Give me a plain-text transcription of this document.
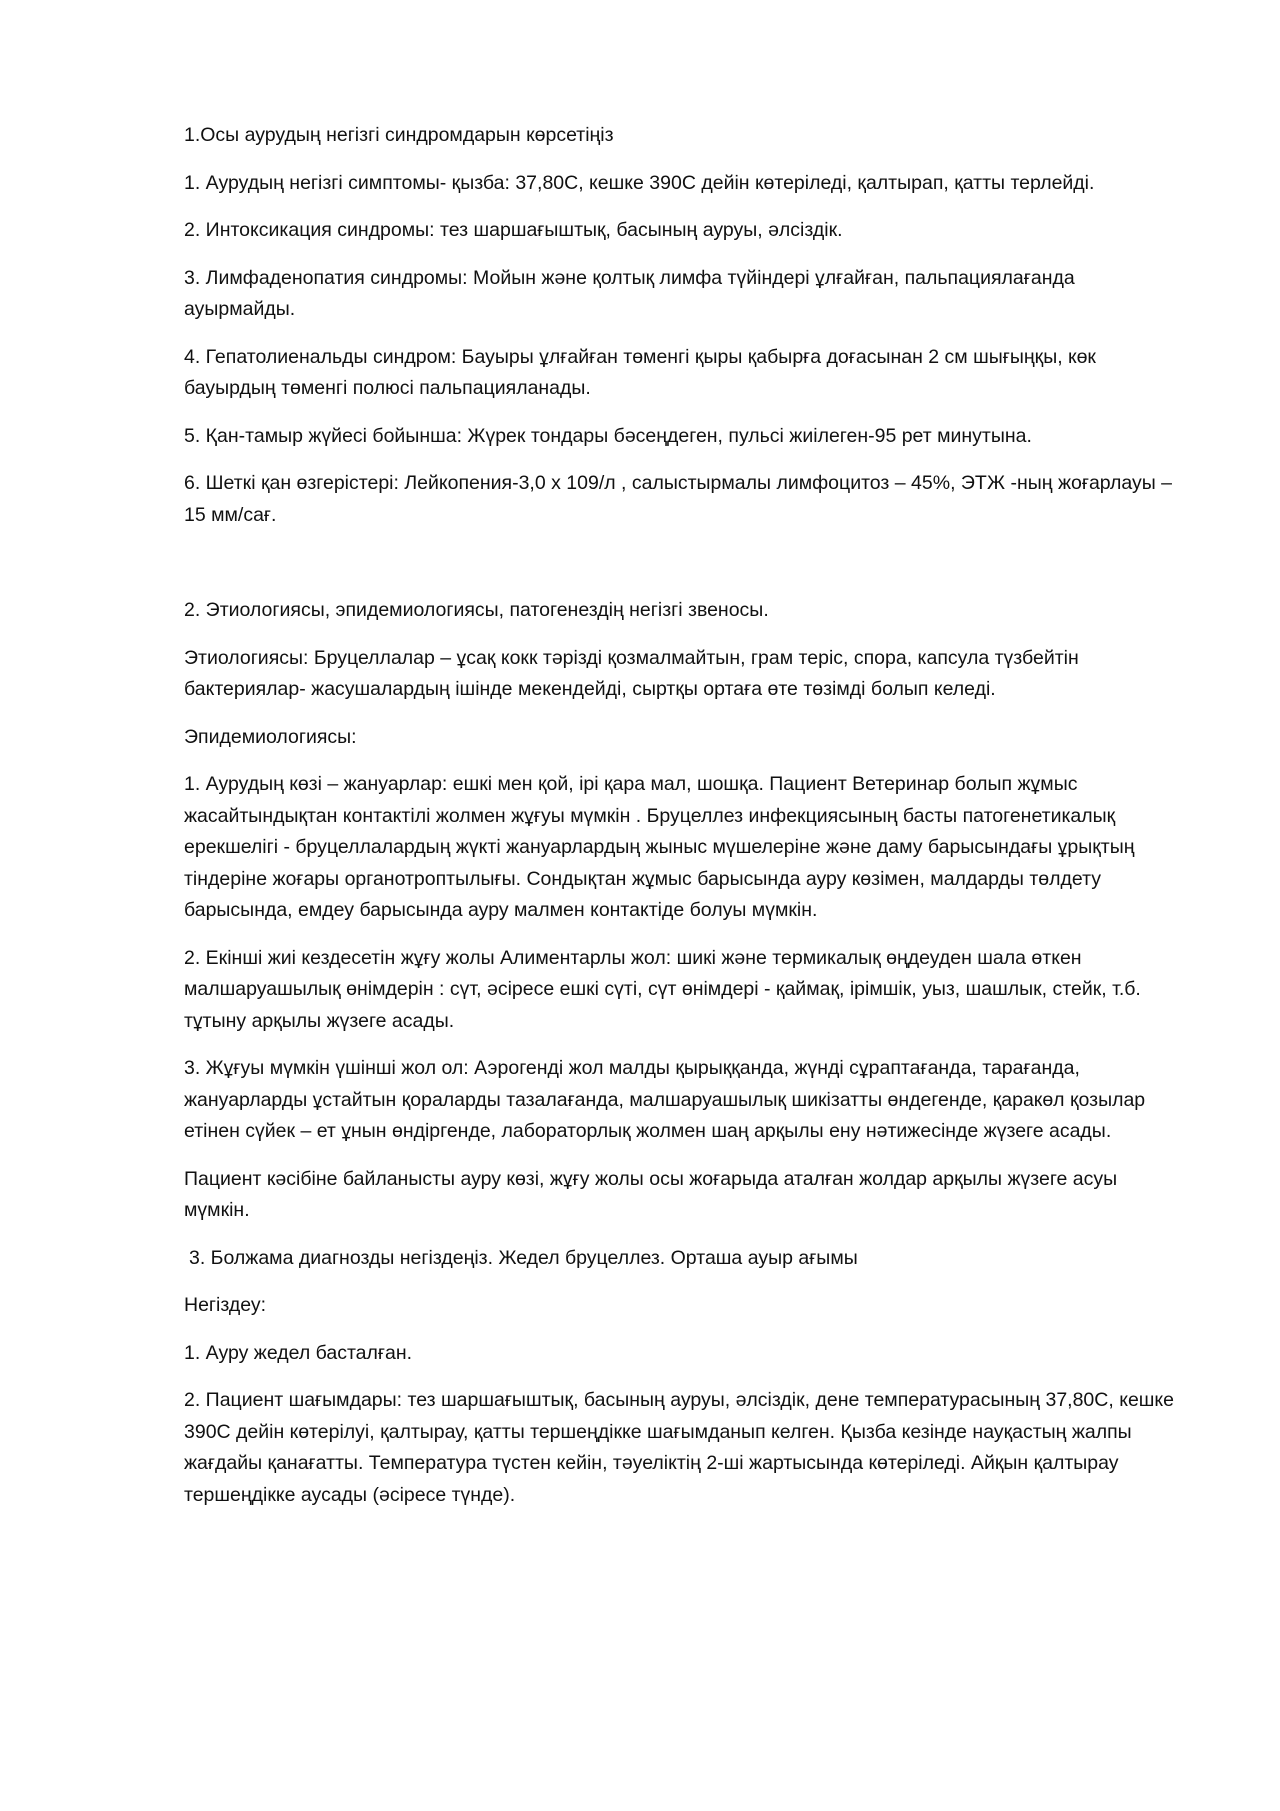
1.Осы аурудың негізгі синдромдарын көрсетіңіз

1. Аурудың негізгі симптомы- қызба: 37,80С, кешке 390С дейін көтеріледі, қалтырап, қатты терлейді.

2. Интоксикация синдромы: тез шаршағыштық, басының ауруы, әлсіздік.

3. Лимфаденопатия синдромы: Мойын және қолтық лимфа түйіндері ұлғайған, пальпациялағанда ауырмайды.

4. Гепатолиенальды синдром: Бауыры ұлғайған төменгі қыры қабырға доғасынан 2 см шығыңқы, көк бауырдың төменгі полюсі пальпацияланады.

5. Қан-тамыр жүйесі бойынша: Жүрек тондары бәсеңдеген, пульсі жиілеген-95 рет минутына.

6. Шеткі қан өзгерістері: Лейкопения-3,0 х 109/л , салыстырмалы лимфоцитоз – 45%, ЭТЖ -ның жоғарлауы – 15 мм/сағ.

2. Этиологиясы, эпидемиологиясы, патогенездің негізгі звеносы.

Этиологиясы: Бруцеллалар – ұсақ кокк тәрізді қозмалмайтын, грам теріс, спора, капсула түзбейтін бактериялар- жасушалардың ішінде мекендейді, сыртқы ортаға өте төзімді болып келеді.

Эпидемиологиясы:

1. Аурудың көзі – жануарлар: ешкі мен қой, ірі қара мал, шошқа. Пациент Ветеринар болып жұмыс жасайтындықтан контактілі жолмен жұғуы мүмкін . Бруцеллез инфекциясының басты патогенетикалық ерекшелігі - бруцеллалардың жүкті жануарлардың жыныс мүшелеріне және даму барысындағы ұрықтың тіндеріне жоғары органотроптылығы. Сондықтан жұмыс барысында ауру көзімен, малдарды төлдету барысында, емдеу барысында ауру малмен контактіде болуы мүмкін.

2. Екінші жиі кездесетін жұғу жолы Алиментарлы жол: шикі және термикалық өңдеуден шала өткен малшаруашылық өнімдерін : сүт, әсіресе ешкі сүті, сүт өнімдері - қаймақ, ірімшік, уыз, шашлык, стейк, т.б. тұтыну арқылы жүзеге асады.

3. Жұғуы мүмкін үшінші жол ол: Аэрогенді жол малды қырыққанда, жүнді сұраптағанда, тарағанда, жануарларды ұстайтын қораларды тазалағанда, малшаруашылық шикізатты өндегенде, қаракөл қозылар етінен сүйек – ет ұнын өндіргенде, лабораторлық жолмен шаң арқылы ену нәтижесінде жүзеге асады.

Пациент кәсібіне байланысты ауру көзі, жұғу жолы осы жоғарыда аталған жолдар арқылы жүзеге асуы мүмкін.

3. Болжама диагнозды негіздеңіз. Жедел бруцеллез. Орташа ауыр ағымы

Негіздеу:

1. Ауру жедел басталған.

2. Пациент шағымдары: тез шаршағыштық, басының ауруы, әлсіздік, дене температурасының 37,80С, кешке 390С дейін көтерілуі, қалтырау, қатты тершеңдікке шағымданып келген. Қызба кезінде науқастың жалпы жағдайы қанағатты. Температура түстен кейін, тәуеліктің 2-ші жартысында көтеріледі. Айқын қалтырау тершеңдікке аусады (әсіресе түнде).
